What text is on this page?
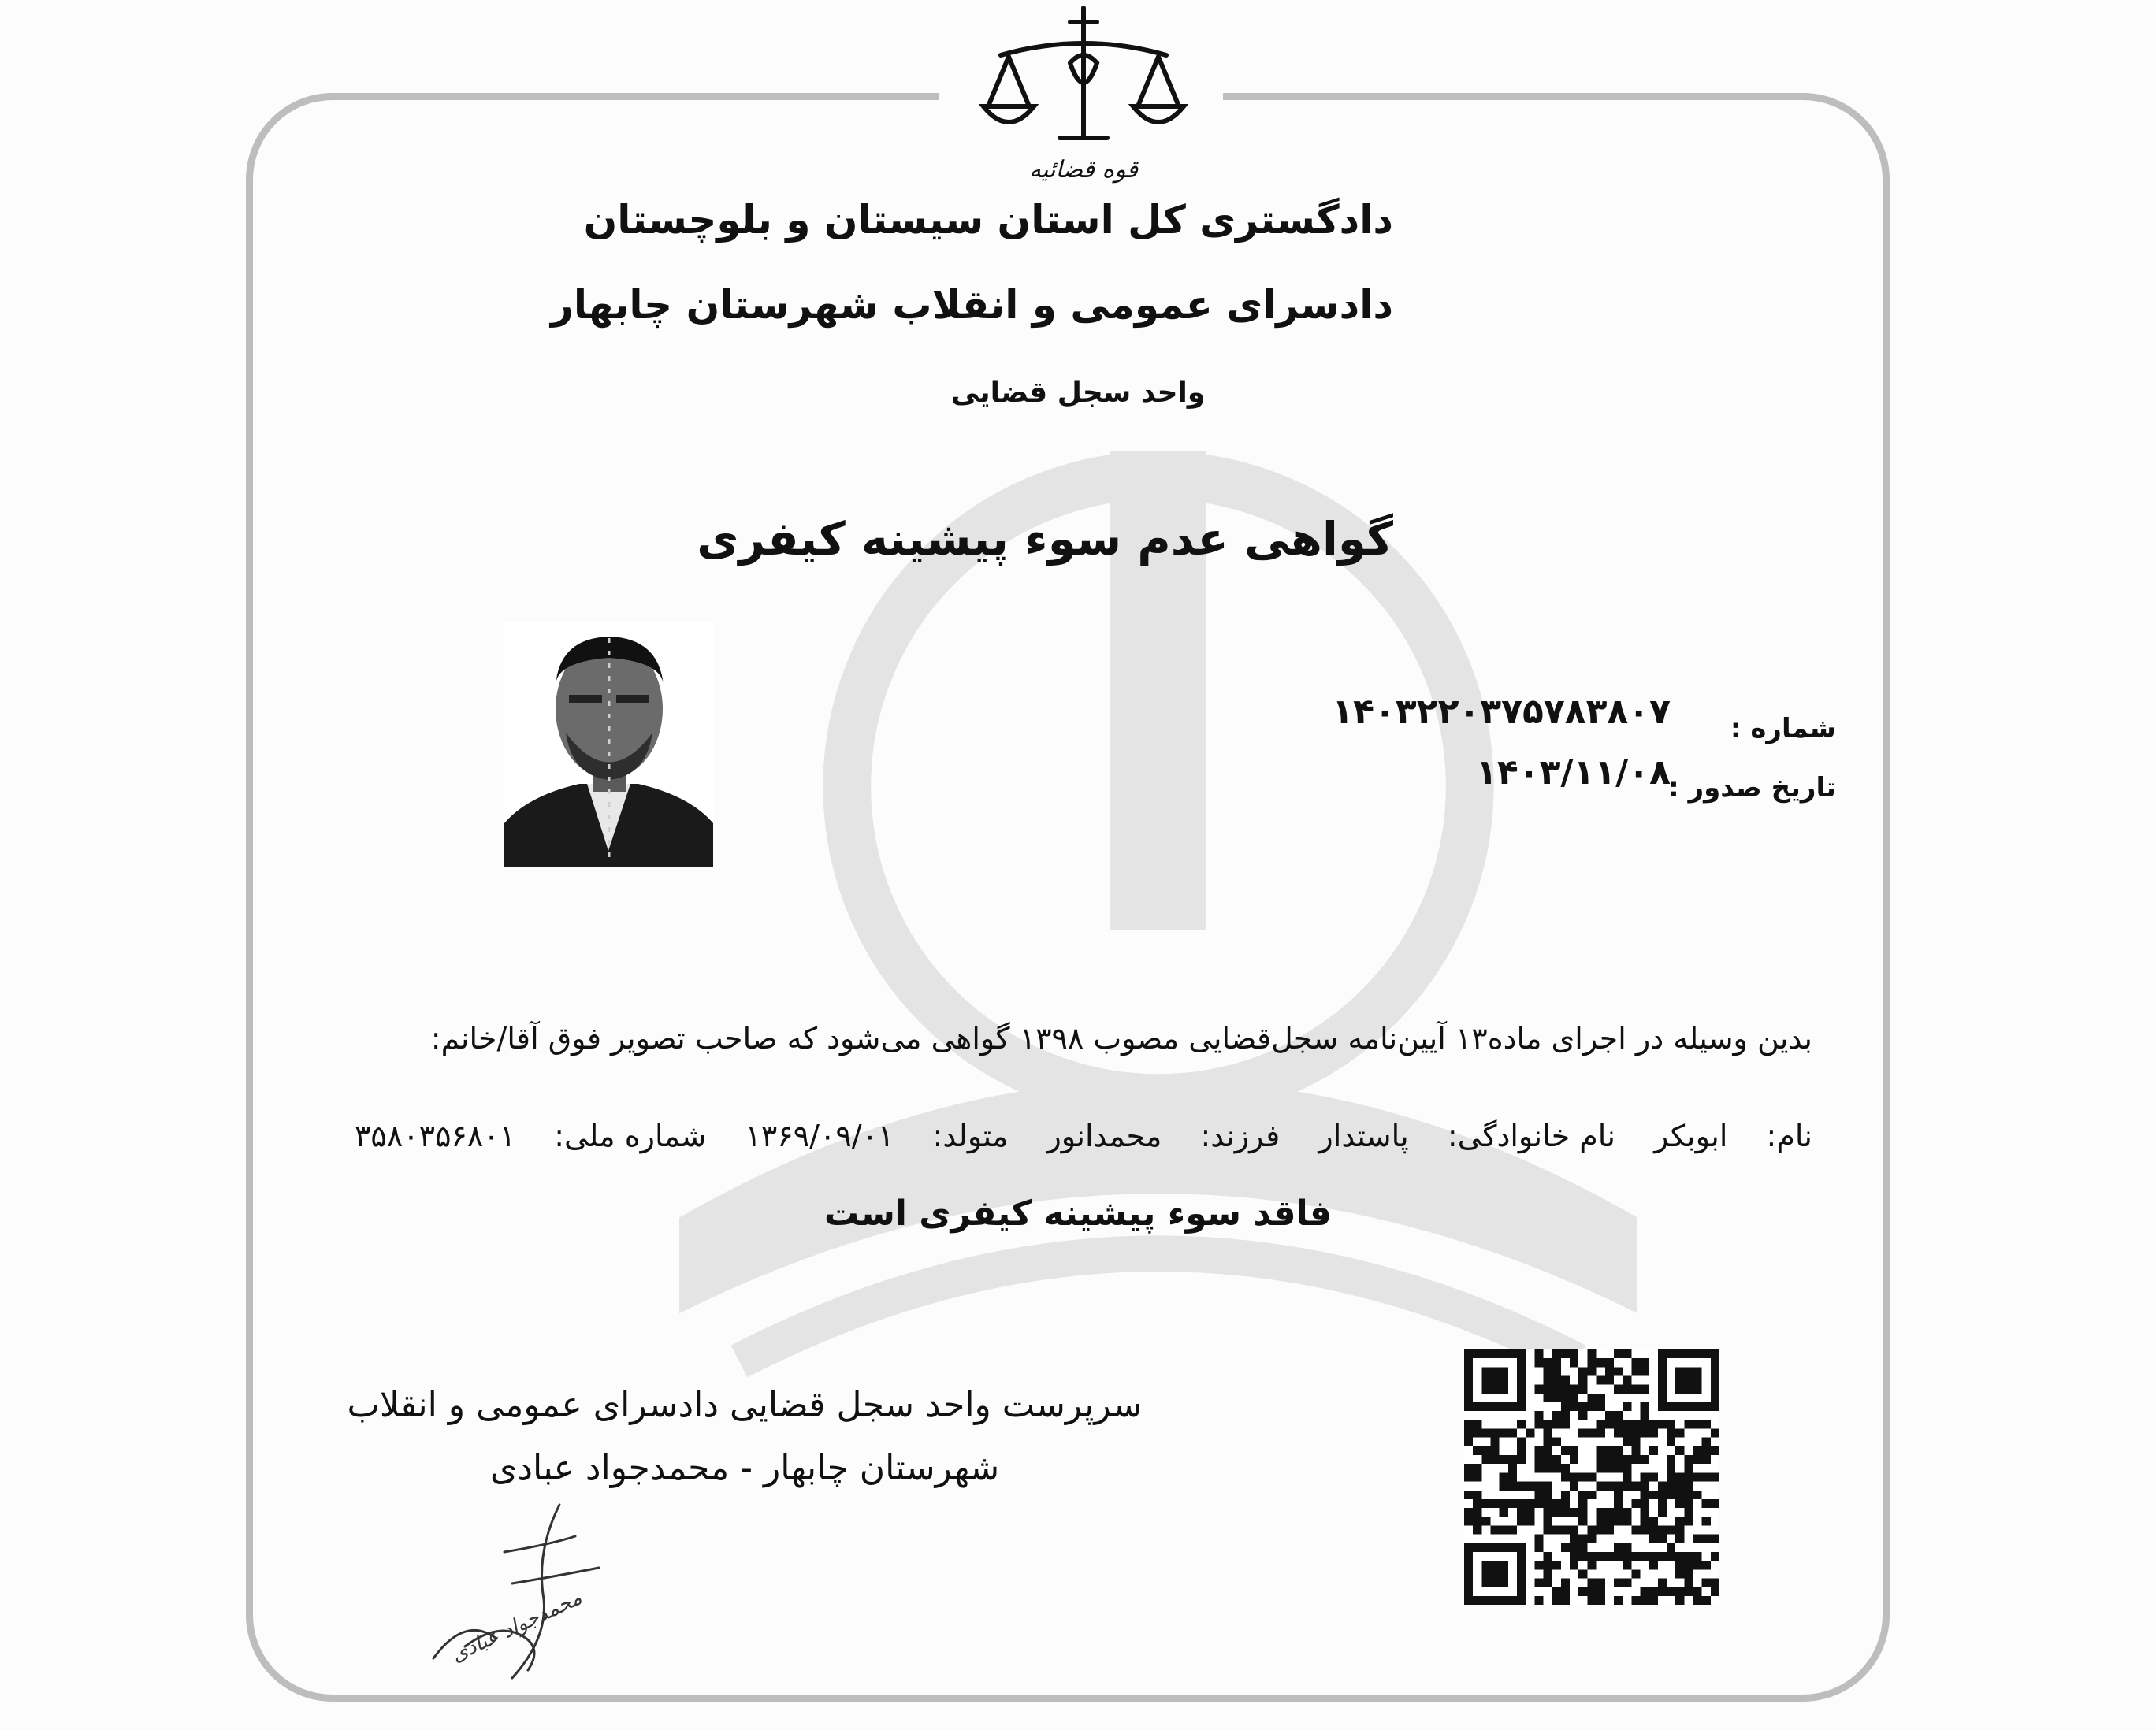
قوه قضائیه
دادگستری کل استان سیستان و بلوچستان
دادسرای عمومی و انقلاب شهرستان چابهار
واحد سجل قضایی
گواهی عدم سوء پیشینه کیفری
شماره :
۱۴۰۳۲۲۰۳۷۵۷۸۳۸۰۷
تاریخ صدور :
۱۴۰۳/۱۱/۰۸
بدین وسیله در اجرای ماده۱۳ آیین‌نامه سجل‌قضایی مصوب ۱۳۹۸ گواهی می‌شود که صاحب تصویر فوق آقا/خانم:
نام:
ابوبکر
نام خانوادگی:
پاستدار
فرزند:
محمدانور
متولد:
۱۳۶۹/۰۹/۰۱
شماره ملی:
۳۵۸۰۳۵۶۸۰۱
فاقد سوء پیشینه کیفری است
سرپرست واحد سجل قضایی دادسرای عمومی و انقلاب
شهرستان چابهار - محمدجواد عبادی
محمدجواد عبادی
